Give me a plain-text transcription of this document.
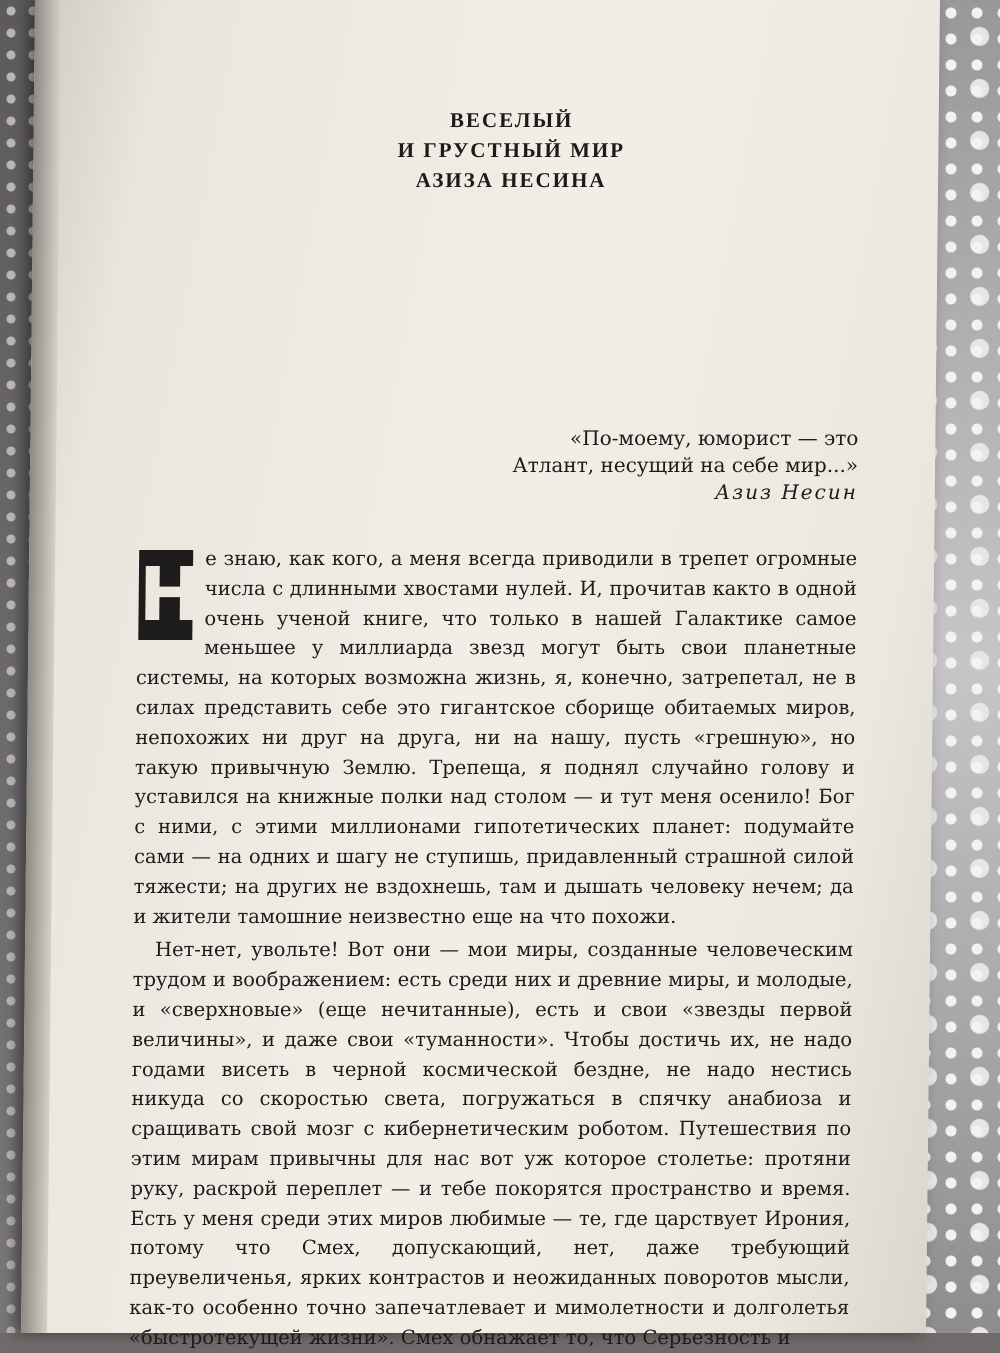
ВЕСЕЛЫЙ
И ГРУСТНЫЙ МИР
АЗИЗА НЕСИНА
«По-моему, юморист — это
Атлант, несущий на себе мир...»
Азиз Несин
Н е знаю, как кого, а меня всегда приводили в трепет огромные числа с длинными хвостами нулей. И, прочитав както в одной очень ученой книге, что только в нашей Галактике самое меньшее у миллиарда звезд могут быть свои планетные системы, на которых возможна жизнь, я, конечно, затрепетал, не в силах представить себе это гигантское сборище обитаемых миров, непохожих ни друг на друга, ни на нашу, пусть «грешную», но такую привычную Землю. Трепеща, я поднял случайно голову и уставился на книжные полки над столом — и тут меня осенило! Бог с ними, с этими миллионами гипотетических планет: подумайте сами — на одних и шагу не ступишь, придавленный страшной силой тяжести; на других не вздохнешь, там и дышать человеку нечем; да и жители тамошние неизвестно еще на что похожи.

Нет-нет, увольте! Вот они — мои миры, созданные человеческим трудом и воображением: есть среди них и древние миры, и молодые, и «сверхновые» (еще нечитанные), есть и свои «звезды первой величины», и даже свои «туманности». Чтобы достичь их, не надо годами висеть в черной космической бездне, не надо нестись никуда со скоростью света, погружаться в спячку анабиоза и сращивать свой мозг с кибернетическим роботом. Путешествия по этим мирам привычны для нас вот уж которое столетье: протяни руку, раскрой переплет — и тебе покорятся пространство и время. Есть у меня среди этих миров любимые — те, где царствует Ирония, потому что Смех, допускающий, нет, даже требующий преувеличенья, ярких контрастов и неожиданных поворотов мысли, как-то особенно точно запечатлевает и мимолетности и долголетья «быстротекущей жизни». Смех обнажает то, что Серьезность и
